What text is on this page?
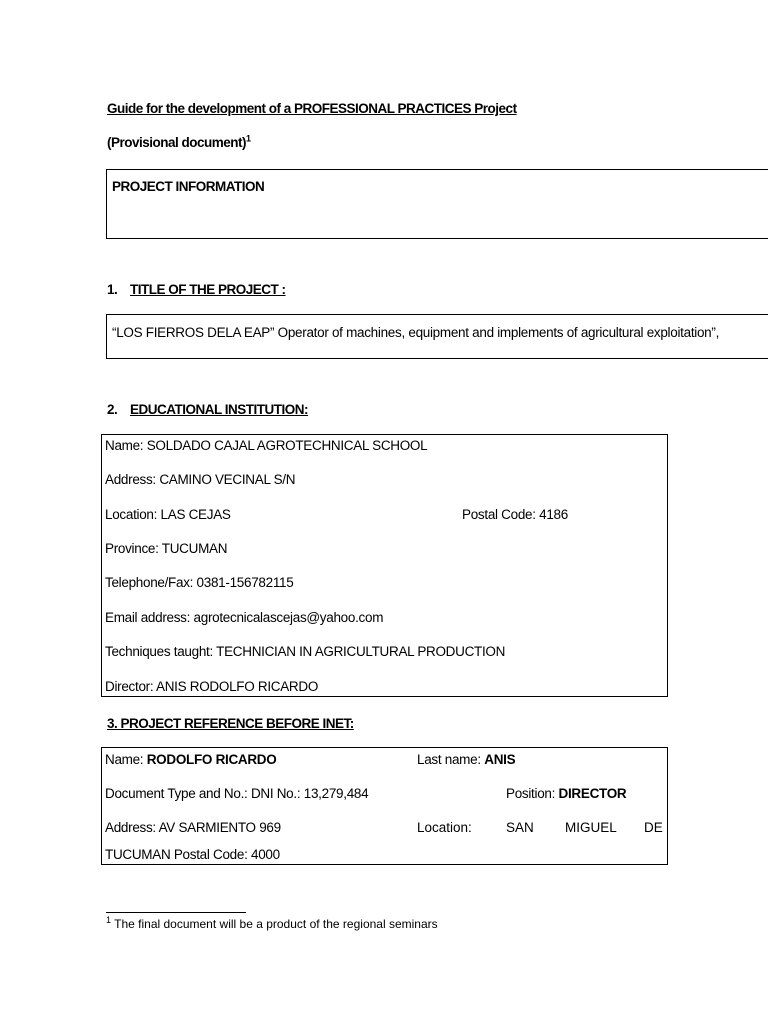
Guide for the development of a PROFESSIONAL PRACTICES Project
(Provisional document)$^1$
PROJECT INFORMATION
1. TITLE OF THE PROJECT :
“LOS FIERROS DELA EAP” Operator of machines, equipment and implements of agricultural exploitation”,
2. EDUCATIONAL INSTITUTION:
Name: SOLDADO CAJAL AGROTECHNICAL SCHOOL
Address: CAMINO VECINAL S/N
Location: LAS CEJAS	Postal Code: 4186
Province: TUCUMAN
Telephone/Fax: 0381-156782115
Email address: agrotecnicalascejas@yahoo.com
Techniques taught: TECHNICIAN IN AGRICULTURAL PRODUCTION
Director: ANIS RODOLFO RICARDO
3. PROJECT REFERENCE BEFORE INET:
Name: RODOLFO RICARDO	Last name: ANIS
Document Type and No.: DNI No.: 13,279,484	Position: DIRECTOR
Address: AV SARMIENTO 969	Location:	SAN MIGUEL DE
TUCUMAN Postal Code: 4000
$^1$ The final document will be a product of the regional seminars
